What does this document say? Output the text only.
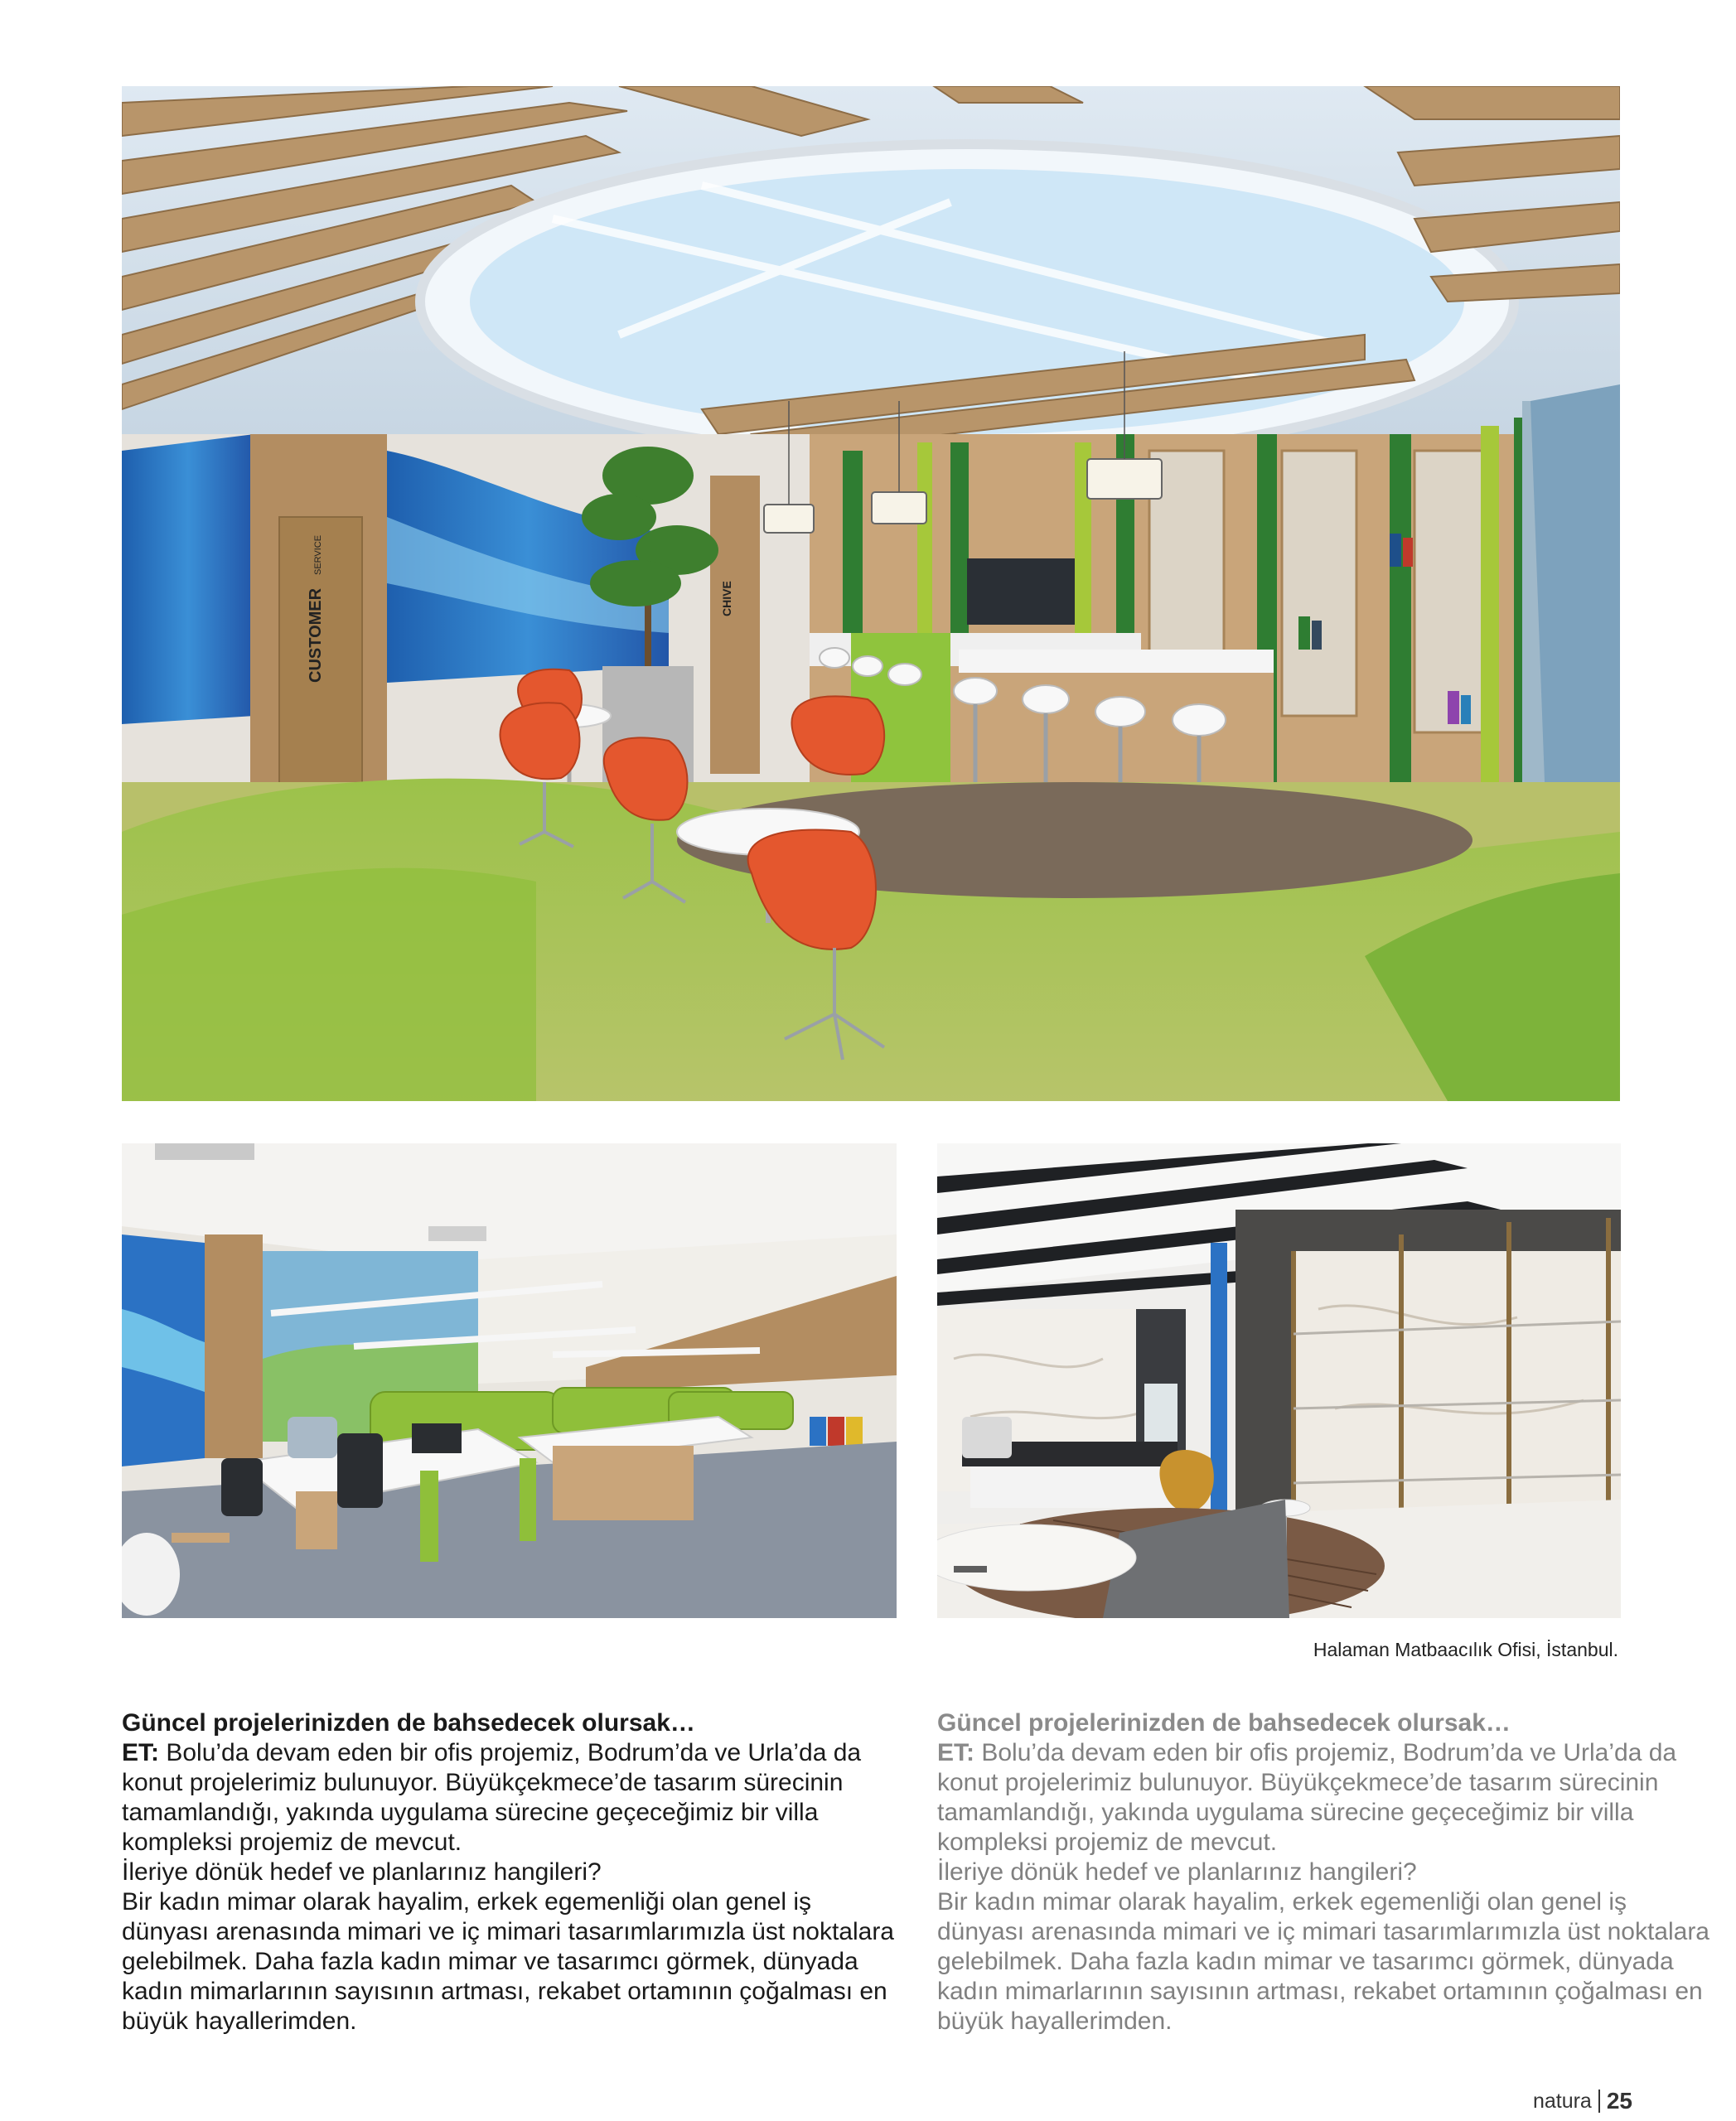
CUSTOMER
SERVICE
CHIVE
Halaman Matbaacılık Ofisi, İstanbul.

Güncel projelerinizden de bahsedecek olursak…

ET: Bolu’da devam eden bir ofis projemiz, Bodrum’da ve Urla’da da konut projelerimiz bulunuyor. Büyükçekmece’de tasarım sürecinin tamamlandığı, yakında uygulama sürecine geçeceğimiz bir villa kompleksi projemiz de mevcut.

İleriye dönük hedef ve planlarınız hangileri?

Bir kadın mimar olarak hayalim, erkek egemenliği olan genel iş dünyası arenasında mimari ve iç mimari tasarımlarımızla üst noktalara gelebilmek. Daha fazla kadın mimar ve tasarımcı görmek, dünyada kadın mimarlarının sayısının artması, rekabet ortamının çoğalması en büyük hayallerimden.

Güncel projelerinizden de bahsedecek olursak…

ET: Bolu’da devam eden bir ofis projemiz, Bodrum’da ve Urla’da da konut projelerimiz bulunuyor. Büyükçekmece’de tasarım sürecinin tamamlandığı, yakında uygulama sürecine geçeceğimiz bir villa kompleksi projemiz de mevcut.

İleriye dönük hedef ve planlarınız hangileri?

Bir kadın mimar olarak hayalim, erkek egemenliği olan genel iş dünyası arenasında mimari ve iç mimari tasarımlarımızla üst noktalara gelebilmek. Daha fazla kadın mimar ve tasarımcı görmek, dünyada kadın mimarlarının sayısının artması, rekabet ortamının çoğalması en büyük hayallerimden.

natura 25
